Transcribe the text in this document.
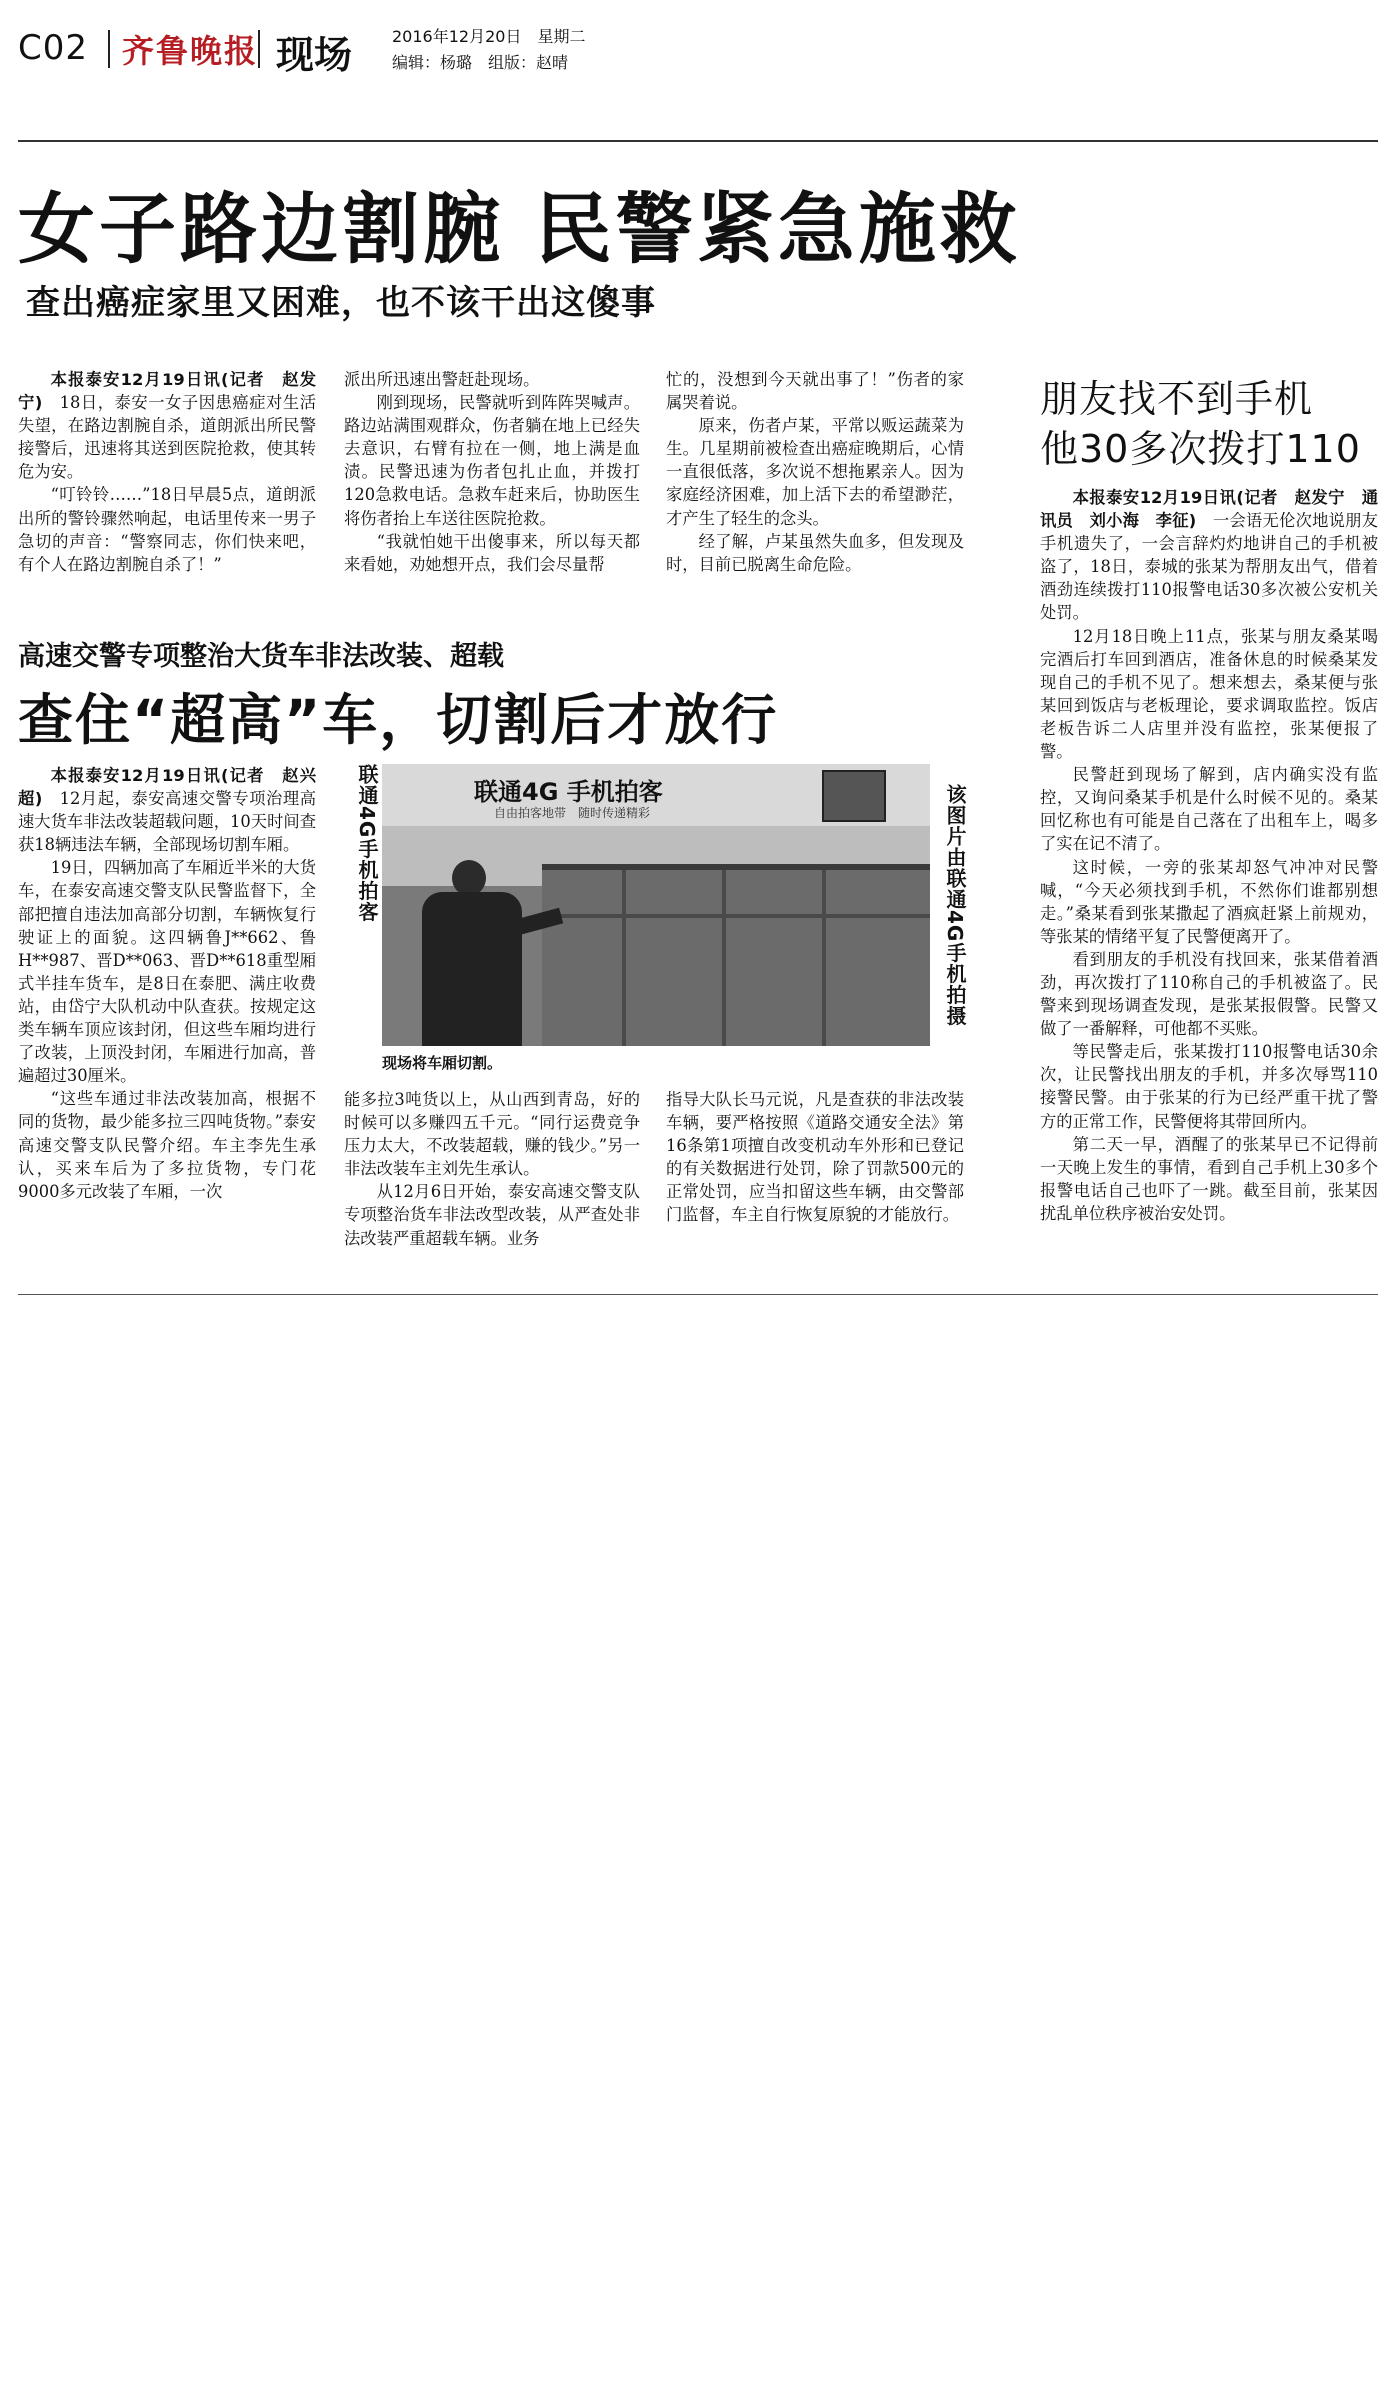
C02 齐鲁晚报 现场 2016年12月20日　星期二
编辑：杨璐　组版：赵晴
女子路边割腕 民警紧急施救
查出癌症家里又困难，也不该干出这傻事

本报泰安12月19日讯(记者　赵发宁)　 18日，泰安一女子因患癌症对生活失望，在路边割腕自杀，道朗派出所民警接警后，迅速将其送到医院抢救，使其转危为安。

“叮铃铃……”18日早晨5点，道朗派出所的警铃骤然响起，电话里传来一男子急切的声音：“警察同志，你们快来吧，有个人在路边割腕自杀了！”

派出所迅速出警赶赴现场。

刚到现场，民警就听到阵阵哭喊声。路边站满围观群众，伤者躺在地上已经失去意识，右臂有拉在一侧，地上满是血渍。民警迅速为伤者包扎止血，并拨打120急救电话。急救车赶来后，协助医生将伤者抬上车送往医院抢救。

“我就怕她干出傻事来，所以每天都来看她，劝她想开点，我们会尽量帮

忙的，没想到今天就出事了！”伤者的家属哭着说。

原来，伤者卢某，平常以贩运蔬菜为生。几星期前被检查出癌症晚期后，心情一直很低落，多次说不想拖累亲人。因为家庭经济困难，加上活下去的希望渺茫，才产生了轻生的念头。

经了解，卢某虽然失血多，但发现及时，目前已脱离生命危险。

朋友找不到手机
他30多次拨打110

本报泰安12月19日讯(记者　赵发宁　通讯员　刘小海　李征)　 一会语无伦次地说朋友手机遗失了，一会言辞灼灼地讲自己的手机被盗了，18日，泰城的张某为帮朋友出气，借着酒劲连续拨打110报警电话30多次被公安机关处罚。

12月18日晚上11点，张某与朋友桑某喝完酒后打车回到酒店，准备休息的时候桑某发现自己的手机不见了。想来想去，桑某便与张某回到饭店与老板理论，要求调取监控。饭店老板告诉二人店里并没有监控，张某便报了警。

民警赶到现场了解到，店内确实没有监控，又询问桑某手机是什么时候不见的。桑某回忆称也有可能是自己落在了出租车上，喝多了实在记不清了。

这时候，一旁的张某却怒气冲冲对民警喊，“今天必须找到手机，不然你们谁都别想走。”桑某看到张某撒起了酒疯赶紧上前规劝，等张某的情绪平复了民警便离开了。

看到朋友的手机没有找回来，张某借着酒劲，再次拨打了110称自己的手机被盗了。民警来到现场调查发现，是张某报假警。民警又做了一番解释，可他都不买账。

等民警走后，张某拨打110报警电话30余次，让民警找出朋友的手机，并多次辱骂110接警民警。由于张某的行为已经严重干扰了警方的正常工作，民警便将其带回所内。

第二天一早，酒醒了的张某早已不记得前一天晚上发生的事情，看到自己手机上30多个报警电话自己也吓了一跳。截至目前，张某因扰乱单位秩序被治安处罚。

高速交警专项整治大货车非法改装、超载
查住“超高”车，切割后才放行

本报泰安12月19日讯(记者　赵兴超)　 12月起，泰安高速交警专项治理高速大货车非法改装超载问题，10天时间查获18辆违法车辆，全部现场切割车厢。

19日，四辆加高了车厢近半米的大货车，在泰安高速交警支队民警监督下，全部把擅自违法加高部分切割，车辆恢复行驶证上的面貌。这四辆鲁J**662、鲁H**987、晋D**063、晋D**618重型厢式半挂车货车，是8日在泰肥、满庄收费站，由岱宁大队机动中队查获。按规定这类车辆车顶应该封闭，但这些车厢均进行了改装，上顶没封闭，车厢进行加高，普遍超过30厘米。

“这些车通过非法改装加高，根据不同的货物，最少能多拉三四吨货物。”泰安高速交警支队民警介绍。车主李先生承认，买来车后为了多拉货物，专门花9000多元改装了车厢，一次

联通4G手机拍客	联通4G 手机拍客
自由拍客地带　随时传递精彩	该图片由联通4G手机拍摄
现场将车厢切割。

能多拉3吨货以上，从山西到青岛，好的时候可以多赚四五千元。“同行运费竞争压力太大，不改装超载，赚的钱少。”另一非法改装车主刘先生承认。

从12月6日开始，泰安高速交警支队专项整治货车非法改型改装，从严查处非法改装严重超载车辆。业务

指导大队长马元说，凡是查获的非法改装车辆，要严格按照《道路交通安全法》第16条第1项擅自改变机动车外形和已登记的有关数据进行处罚，除了罚款500元的正常处罚，应当扣留这些车辆，由交警部门监督，车主自行恢复原貌的才能放行。
